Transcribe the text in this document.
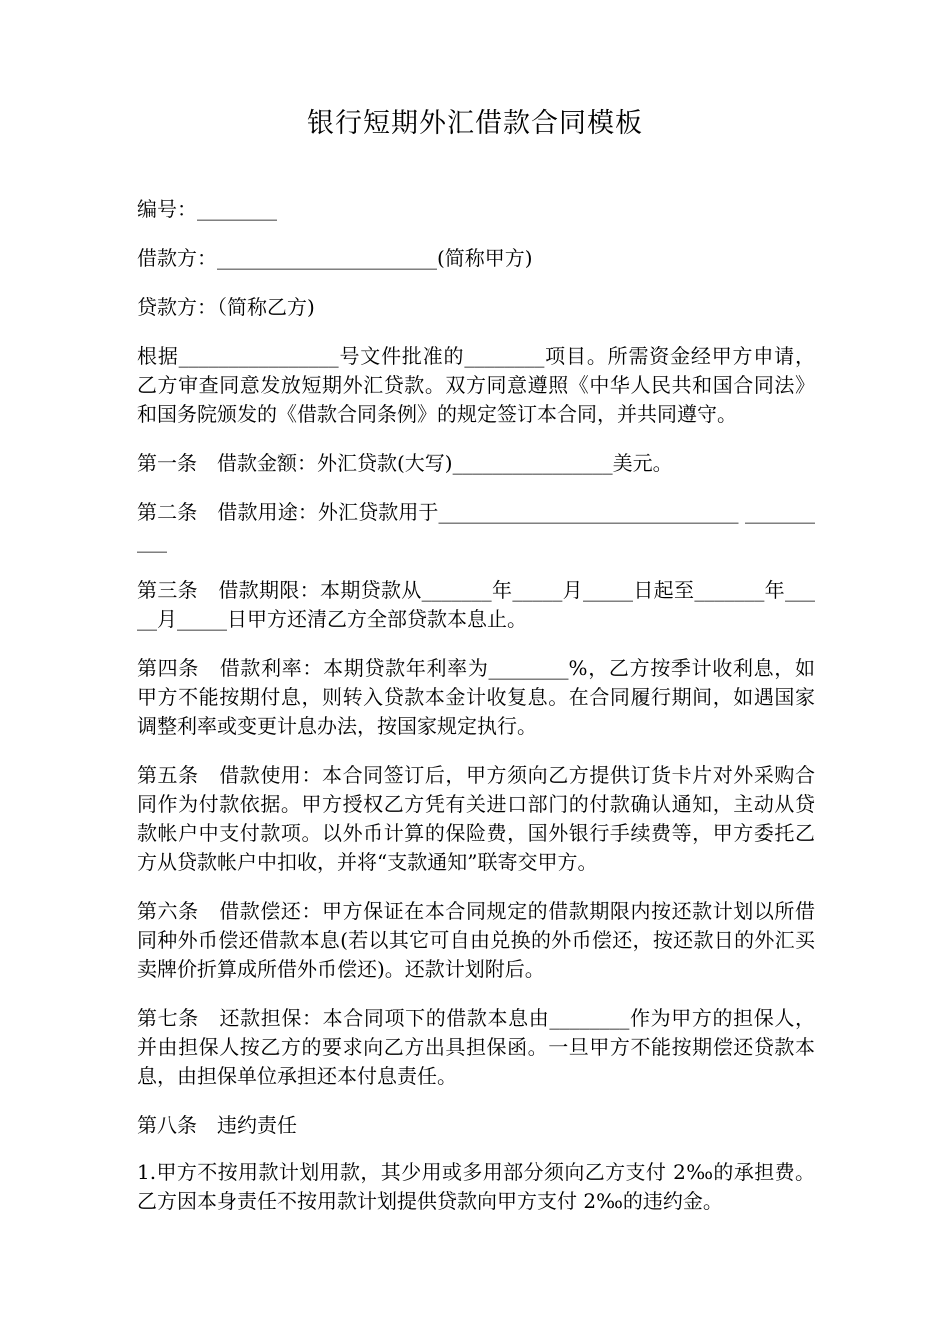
银行短期外汇借款合同模板

编号：________

借款方：______________________(简称甲方)

贷款方：（简称乙方)

根据________________号文件批准的________项目。所需资金经甲方申请，乙方审查同意发放短期外汇贷款。双方同意遵照《中华人民共和国合同法》和国务院颁发的《借款合同条例》的规定签订本合同，并共同遵守。

第一条　借款金额：外汇贷款(大写)________________美元。

第二条　借款用途：外汇贷款用于______________________________ __________

第三条　借款期限：本期贷款从_______年_____月_____日起至_______年_____月_____日甲方还清乙方全部贷款本息止。

第四条　借款利率：本期贷款年利率为________%，乙方按季计收利息，如甲方不能按期付息，则转入贷款本金计收复息。在合同履行期间，如遇国家调整利率或变更计息办法，按国家规定执行。

第五条　借款使用：本合同签订后，甲方须向乙方提供订货卡片对外采购合同作为付款依据。甲方授权乙方凭有关进口部门的付款确认通知，主动从贷款帐户中支付款项。以外币计算的保险费，国外银行手续费等，甲方委托乙方从贷款帐户中扣收，并将“支款通知”联寄交甲方。

第六条　借款偿还：甲方保证在本合同规定的借款期限内按还款计划以所借同种外币偿还借款本息(若以其它可自由兑换的外币偿还，按还款日的外汇买卖牌价折算成所借外币偿还)。还款计划附后。

第七条　还款担保：本合同项下的借款本息由________作为甲方的担保人，并由担保人按乙方的要求向乙方出具担保函。一旦甲方不能按期偿还贷款本息，由担保单位承担还本付息责任。

第八条　违约责任

1.甲方不按用款计划用款，其少用或多用部分须向乙方支付 2‰的承担费。乙方因本身责任不按用款计划提供贷款向甲方支付 2‰的违约金。
